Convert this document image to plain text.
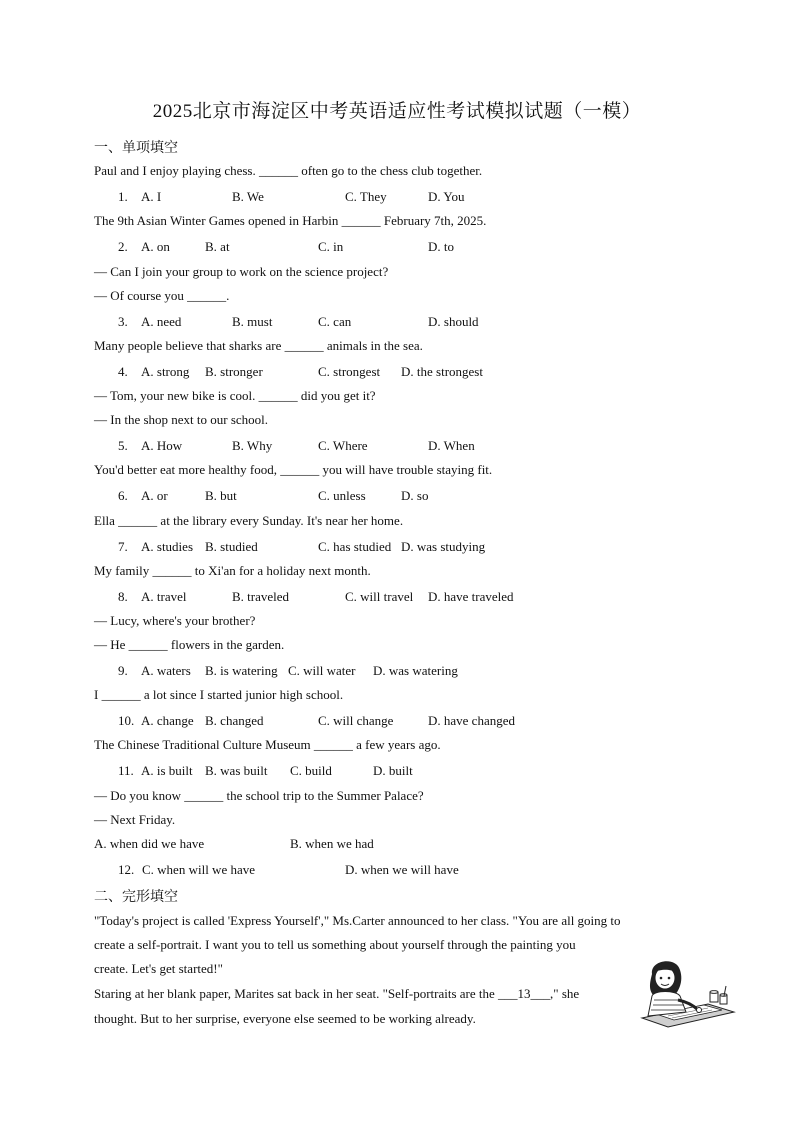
2025北京市海淀区中考英语适应性考试模拟试题（一模）
一、单项填空
Paul and I enjoy playing chess. ______ often go to the chess club together.
1. A. I	B. We	C. They	D. You
The 9th Asian Winter Games opened in Harbin ______ February 7th, 2025.
2. A. on	B. at	C. in	D. to
— Can I join your group to work on the science project?
— Of course you ______.
3. A. need	B. must	C. can	D. should
Many people believe that sharks are ______ animals in the sea.
4. A. strong B. stronger	C. strongest D. the strongest
— Tom, your new bike is cool. ______ did you get it?
— In the shop next to our school.
5. A. How	B. Why	C. Where	D. When
You'd better eat more healthy food, ______ you will have trouble staying fit.
6. A. or	B. but	C. unless	D. so
Ella ______ at the library every Sunday. It's near her home.
7. A. studies B. studied	C. has studied D. was studying
My family ______ to Xi'an for a holiday next month.
8. A. travel	B. traveled	C. will travel D. have traveled
— Lucy, where's your brother?
— He ______ flowers in the garden.
9. A. waters B. is watering C. will water D. was watering
I ______ a lot since I started junior high school.
10. A. change B. changed	C. will change	D. have changed
The Chinese Traditional Culture Museum ______ a few years ago.
11. A. is built B. was built C. build	D. built
— Do you know ______ the school trip to the Summer Palace?
— Next Friday.
A. when did we have	B. when we had
12. C. when will we have	D. when we will have
二、完形填空
"Today's project is called 'Express Yourself'," Ms.Carter announced to her class. "You are all going to
create a self-portrait. I want you to tell us something about yourself through the painting you
create. Let's get started!"
Staring at her blank paper, Marites sat back in her seat. "Self-portraits are the ___13___," she
thought. But to her surprise, everyone else seemed to be working already.
